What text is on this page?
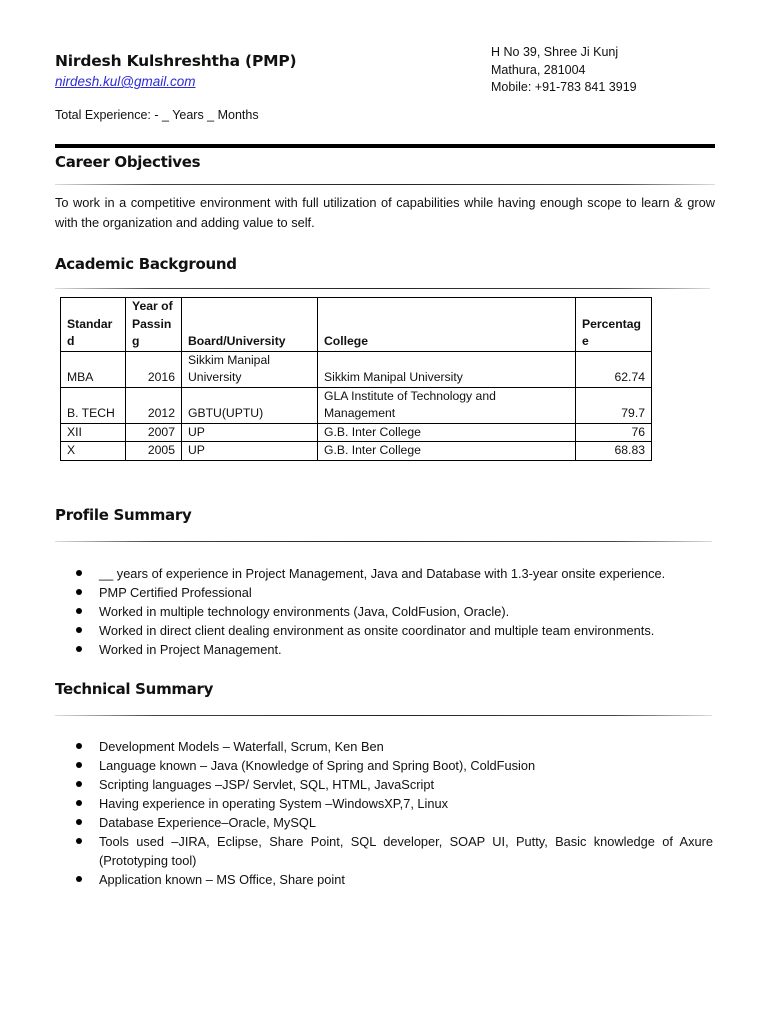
Nirdesh Kulshreshtha (PMP)
nirdesh.kul@gmail.com
Total Experience: - _ Years _ Months
H No 39, Shree Ji Kunj
Mathura, 281004
Mobile: +91-783 841 3919
Career Objectives
To work in a competitive environment with full utilization of capabilities while having enough scope to learn & grow with the organization and adding value to self.
Academic Background
Standard	Year of Passing	Board/University	College	Percentage
MBA	2016	Sikkim Manipal University	Sikkim Manipal University	62.74
B. TECH	2012	GBTU(UPTU)	GLA Institute of Technology and Management	79.7
XII	2007	UP	G.B. Inter College	76
X	2005	UP	G.B. Inter College	68.83
Profile Summary
__ years of experience in Project Management, Java and Database with 1.3-year onsite experience.
PMP Certified Professional
Worked in multiple technology environments (Java, ColdFusion, Oracle).
Worked in direct client dealing environment as onsite coordinator and multiple team environments.
Worked in Project Management.
Technical Summary
Development Models – Waterfall, Scrum, Ken Ben
Language known – Java (Knowledge of Spring and Spring Boot), ColdFusion
Scripting languages –JSP/ Servlet, SQL, HTML, JavaScript
Having experience in operating System –WindowsXP,7, Linux
Database Experience–Oracle, MySQL
Tools used –JIRA, Eclipse, Share Point, SQL developer, SOAP UI, Putty, Basic knowledge of Axure (Prototyping tool)
Application known – MS Office, Share point
